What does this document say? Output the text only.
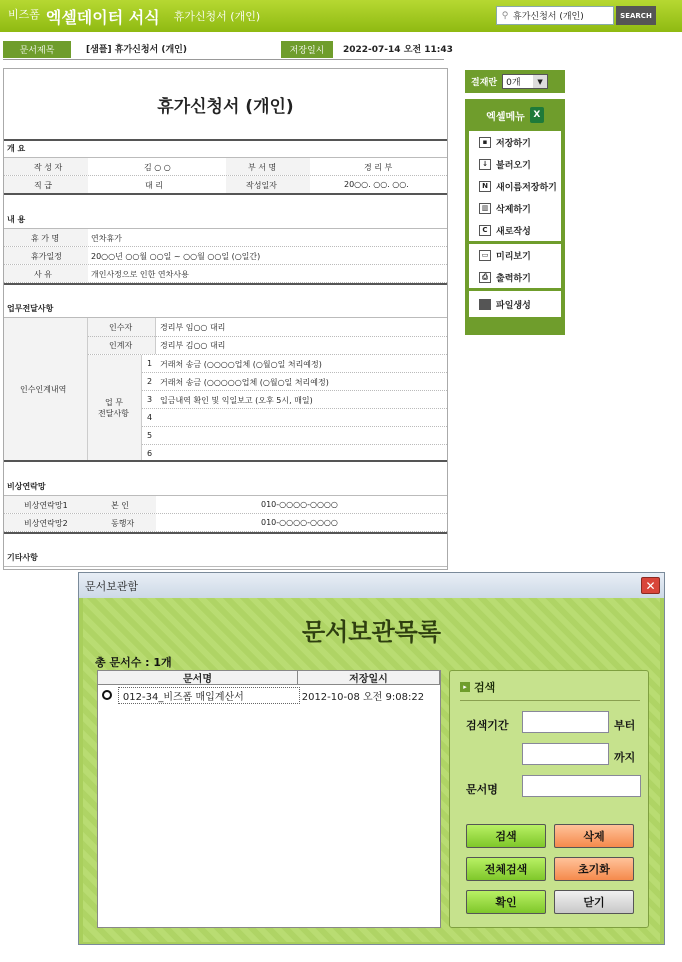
비즈폼 엑셀데이터 서식 휴가신청서 (개인)	⚲ 휴가신청서 (개인)	SEARCH
문서제목	[샘플] 휴가신청서 (개인)	저장일시	2022-07-14 오전 11:43
휴가신청서 (개인)
개 요
작 성 자	김 ○ ○	부 서 명	경 리 부
직 급	대 리	작성일자	20○○. ○○. ○○.
내 용
휴 가 명	연차휴가
휴가일정	20○○년 ○○월 ○○일 ~ ○○월 ○○일 (○일간)
사 유	개인사정으로 인한 연차사용
업무전달사항
인수인계내역
인수자	경리부 임○○ 대리
인계자	경리부 김○○ 대리
업 무
전달사항
1 거래처 송금 (○○○○업체 (○월○일 처리예정)
2 거래처 송금 (○○○○○업체 (○월○일 처리예정)
3 입금내역 확인 및 익일보고 (오후 5시, 매일)
4
5
6
비상연락망
비상연락망1	본 인	010-○○○○-○○○○
비상연락망2	동행자	010-○○○○-○○○○
기타사항
결재란 0개	▼
엑셀메뉴 X
▪ 저장하기
↓ 불러오기
N 새이름저장하기
▥ 삭제하기
C 새로작성
▭ 미리보기
⎙ 출력하기
파일생성
문서보관함	✕
문서보관목록
총 문서수 : 1개
문서명	저장일시
012-34_비즈폼 매입계산서	2012-10-08 오전 9:08:22
▸ 검색
검색기간	부터
까지
문서명
검색	삭제
전체검색	초기화
확인	닫기
